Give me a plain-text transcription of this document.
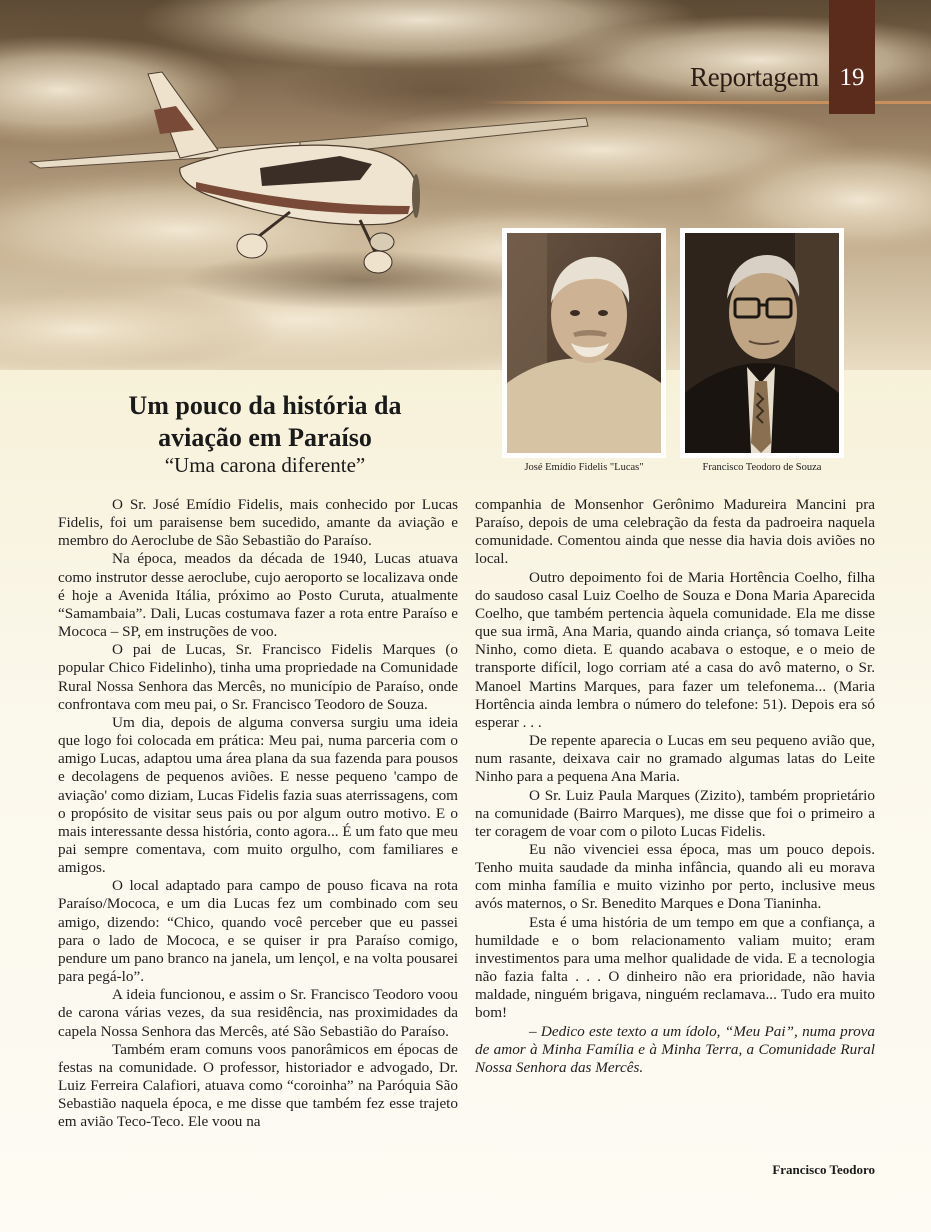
Reportagem 19
José Emídio Fidelis "Lucas"	Francisco Teodoro de Souza
Um pouco da história da
aviação em Paraíso
“Uma carona diferente”

O Sr. José Emídio Fidelis, mais conhecido por Lucas Fidelis, foi um paraisense bem sucedido, amante da aviação e membro do Aeroclube de São Sebastião do Paraíso.

Na época, meados da década de 1940, Lucas atuava como instrutor desse aeroclube, cujo aeroporto se localizava onde é hoje a Avenida Itália, próximo ao Posto Curuta, atualmente “Samambaia”. Dali, Lucas costumava fazer a rota entre Paraíso e Mococa – SP, em instruções de voo.

O pai de Lucas, Sr. Francisco Fidelis Marques (o popular Chico Fidelinho), tinha uma propriedade na Comunidade Rural Nossa Senhora das Mercês, no município de Paraíso, onde confrontava com meu pai, o Sr. Francisco Teodoro de Souza.

Um dia, depois de alguma conversa surgiu uma ideia que logo foi colocada em prática: Meu pai, numa parceria com o amigo Lucas, adaptou uma área plana da sua fazenda para pousos e decolagens de pequenos aviões. E nesse pequeno 'campo de aviação' como diziam, Lucas Fidelis fazia suas aterrissagens, com o propósito de visitar seus pais ou por algum outro motivo. E o mais interessante dessa história, conto agora... É um fato que meu pai sempre comentava, com muito orgulho, com familiares e amigos.

O local adaptado para campo de pouso ficava na rota Paraíso/Mococa, e um dia Lucas fez um combinado com seu amigo, dizendo: “Chico, quando você perceber que eu passei para o lado de Mococa, e se quiser ir pra Paraíso comigo, pendure um pano branco na janela, um lençol, e na volta pousarei para pegá-lo”.

A ideia funcionou, e assim o Sr. Francisco Teodoro voou de carona várias vezes, da sua residência, nas proximidades da capela Nossa Senhora das Mercês, até São Sebastião do Paraíso.

Também eram comuns voos panorâmicos em épocas de festas na comunidade. O professor, historiador e advogado, Dr. Luiz Ferreira Calafiori, atuava como “coroinha” na Paróquia São Sebastião naquela época, e me disse que também fez esse trajeto em avião Teco-Teco. Ele voou na

companhia de Monsenhor Gerônimo Madureira Mancini pra Paraíso, depois de uma celebração da festa da padroeira naquela comunidade. Comentou ainda que nesse dia havia dois aviões no local.

Outro depoimento foi de Maria Hortência Coelho, filha do saudoso casal Luiz Coelho de Souza e Dona Maria Aparecida Coelho, que também pertencia àquela comunidade. Ela me disse que sua irmã, Ana Maria, quando ainda criança, só tomava Leite Ninho, como dieta. E quando acabava o estoque, e o meio de transporte difícil, logo corriam até a casa do avô materno, o Sr. Manoel Martins Marques, para fazer um telefonema... (Maria Hortência ainda lembra o número do telefone: 51). Depois era só esperar . . .

De repente aparecia o Lucas em seu pequeno avião que, num rasante, deixava cair no gramado algumas latas do Leite Ninho para a pequena Ana Maria.

O Sr. Luiz Paula Marques (Zizito), também proprietário na comunidade (Bairro Marques), me disse que foi o primeiro a ter coragem de voar com o piloto Lucas Fidelis.

Eu não vivenciei essa época, mas um pouco depois. Tenho muita saudade da minha infância, quando ali eu morava com minha família e muito vizinho por perto, inclusive meus avós maternos, o Sr. Benedito Marques e Dona Tianinha.

Esta é uma história de um tempo em que a confiança, a humildade e o bom relacionamento valiam muito; eram investimentos para uma melhor qualidade de vida. E a tecnologia não fazia falta . . . O dinheiro não era prioridade, não havia maldade, ninguém brigava, ninguém reclamava... Tudo era muito bom!

– Dedico este texto a um ídolo, “Meu Pai”, numa prova de amor à Minha Família e à Minha Terra, a Comunidade Rural Nossa Senhora das Mercês.

Francisco Teodoro
